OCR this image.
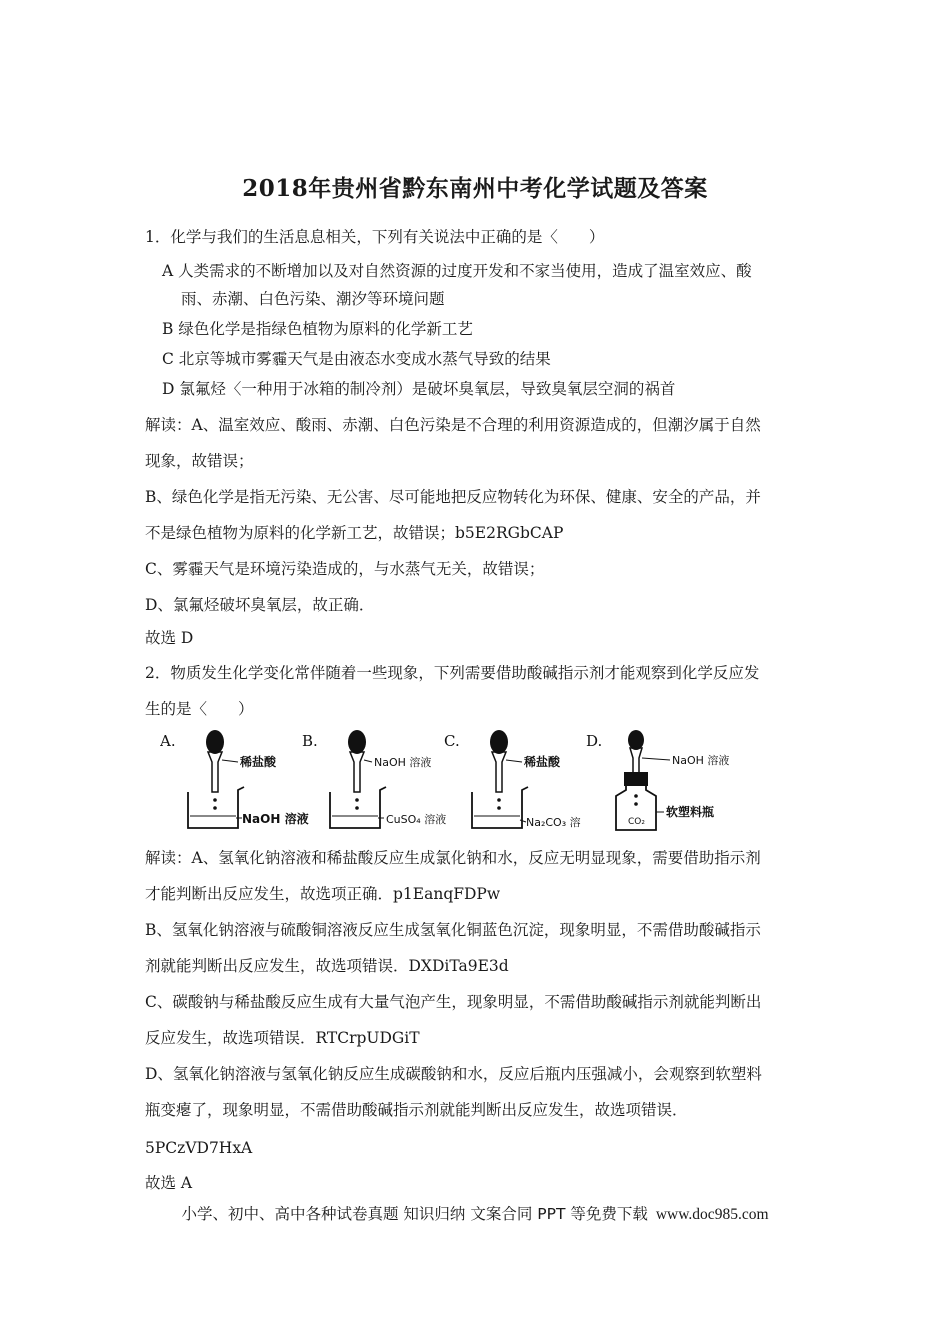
2018年贵州省黔东南州中考化学试题及答案
1．化学与我们的生活息息相关，下列有关说法中正确的是〈　　）
A 人类需求的不断增加以及对自然资源的过度开发和不家当使用，造成了温室效应、酸
雨、赤潮、白色污染、潮汐等环境问题
B 绿色化学是指绿色植物为原料的化学新工艺
C 北京等城市雾霾天气是由液态水变成水蒸气导致的结果
D 氯氟烃〈一种用于冰箱的制冷剂）是破坏臭氧层，导致臭氧层空洞的祸首
解读：A、温室效应、酸雨、赤潮、白色污染是不合理的利用资源造成的，但潮汐属于自然
现象，故错误；
B、绿色化学是指无污染、无公害、尽可能地把反应物转化为环保、健康、安全的产品，并
不是绿色植物为原料的化学新工艺，故错误；b5E2RGbCAP
C、雾霾天气是环境污染造成的，与水蒸气无关，故错误；
D、氯氟烃破坏臭氧层，故正确．
故选 D
2．物质发生化学变化常伴随着一些现象，下列需要借助酸碱指示剂才能观察到化学反应发
生的是〈　　）
A.
稀盐酸
NaOH 溶液
B.
NaOH 溶液
CuSO₄ 溶液
C.
稀盐酸
Na₂CO₃ 溶
D.
NaOH 溶液
CO₂
软塑料瓶
解读：A、氢氧化钠溶液和稀盐酸反应生成氯化钠和水，反应无明显现象，需要借助指示剂
才能判断出反应发生，故选项正确．p1EanqFDPw
B、氢氧化钠溶液与硫酸铜溶液反应生成氢氧化铜蓝色沉淀，现象明显，不需借助酸碱指示
剂就能判断出反应发生，故选项错误．DXDiTa9E3d
C、碳酸钠与稀盐酸反应生成有大量气泡产生，现象明显，不需借助酸碱指示剂就能判断出
反应发生，故选项错误．RTCrpUDGiT
D、氢氧化钠溶液与氢氧化钠反应生成碳酸钠和水，反应后瓶内压强减小，会观察到软塑料
瓶变瘪了，现象明显，不需借助酸碱指示剂就能判断出反应发生，故选项错误．
5PCzVD7HxA
故选 A
小学、初中、高中各种试卷真题 知识归纳 文案合同 PPT 等免费下载 www.doc985.com
